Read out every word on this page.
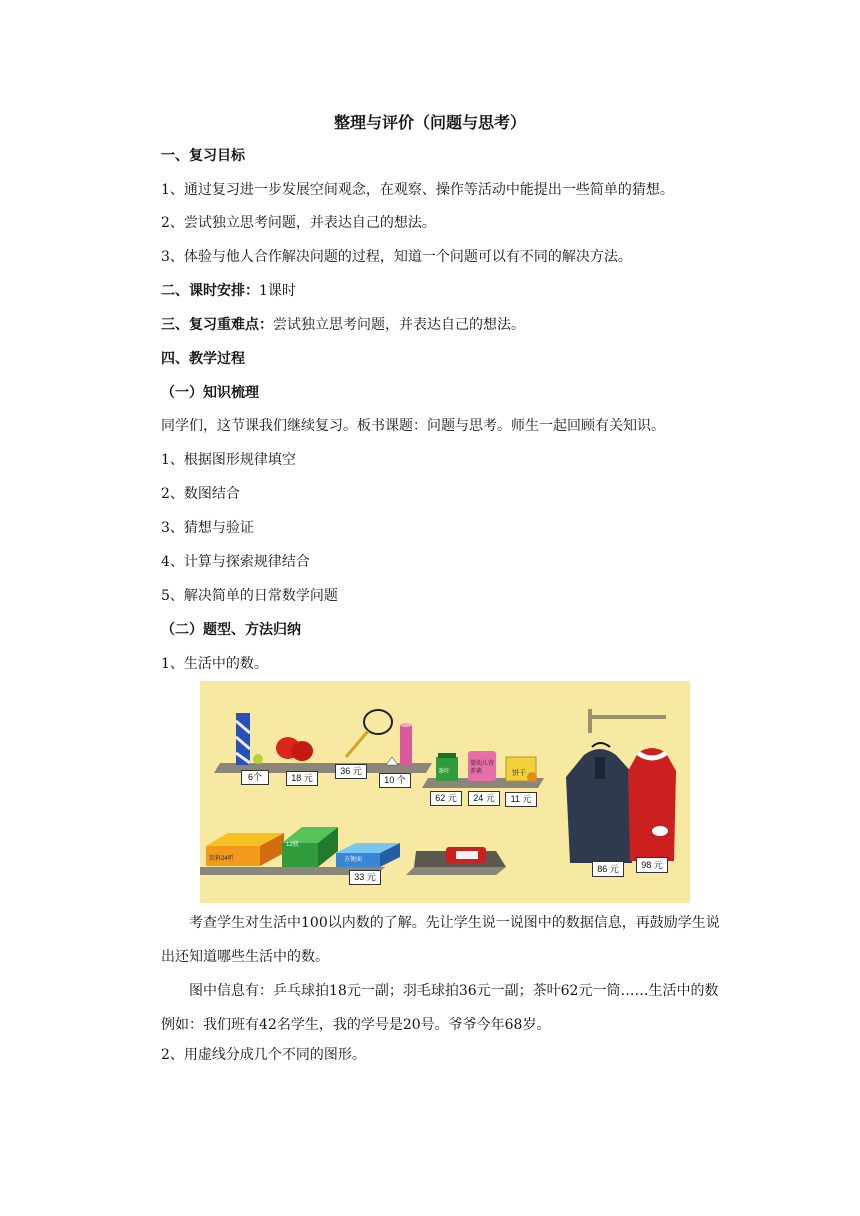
整理与评价（问题与思考）
一、复习目标
1、通过复习进一步发展空间观念，在观察、操作等活动中能提出一些简单的猜想。
2、尝试独立思考问题，并表达自己的想法。
3、体验与他人合作解决问题的过程，知道一个问题可以有不同的解决方法。
二、课时安排：1课时
三、复习重难点：尝试独立思考问题，并表达自己的想法。
四、教学过程
（一）知识梳理
同学们，这节课我们继续复习。板书课题：问题与思考。师生一起回顾有关知识。
1、根据图形规律填空
2、数图结合
3、猜想与验证
4、计算与探索规律结合
5、解决简单的日常数学问题
（二）题型、方法归纳
1、生活中的数。
6个	18 元
36 元
10 个
62 元	24 元	11 元
33 元
86 元	98 元
茶叶
婴幼儿营养素	饼干
饮料24听
12瓶
方便面
考查学生对生活中100以内数的了解。先让学生说一说图中的数据信息，再鼓励学生说出还知道哪些生活中的数。
图中信息有：乒乓球拍18元一副；羽毛球拍36元一副；茶叶62元一筒……生活中的数例如：我们班有42名学生，我的学号是20号。爷爷今年68岁。
2、用虚线分成几个不同的图形。
